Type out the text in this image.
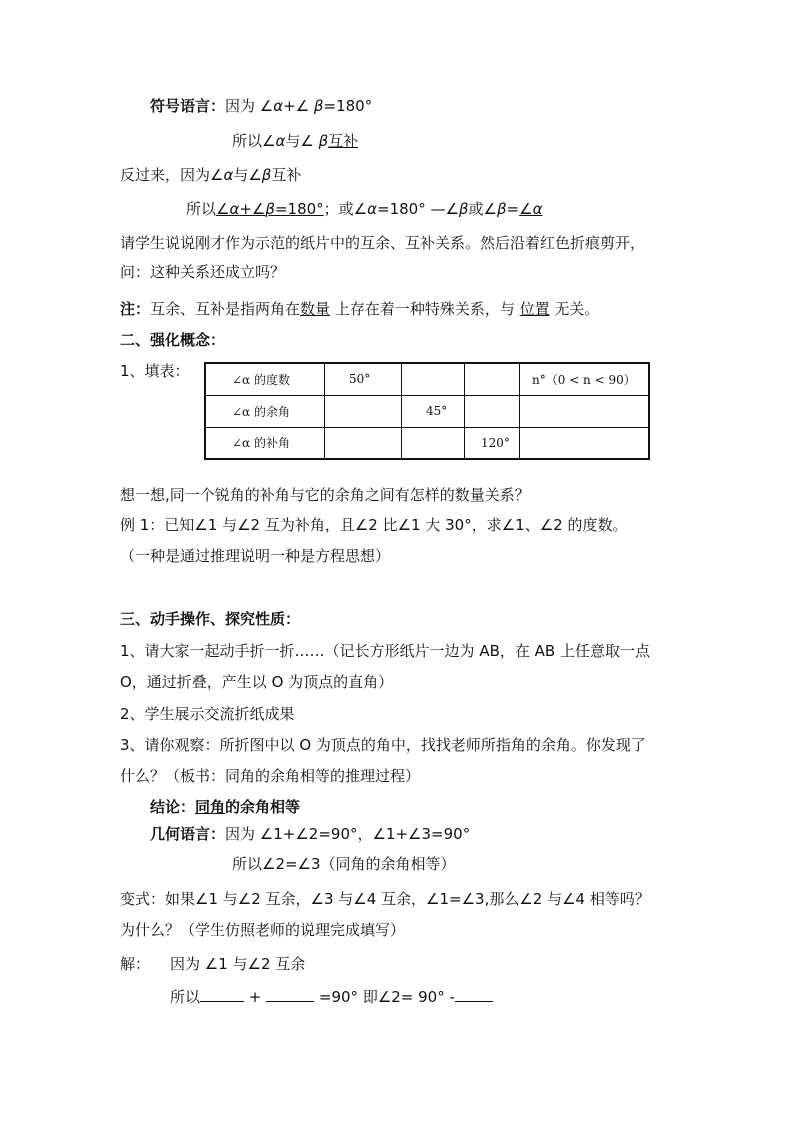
符号语言：因为 ∠α+∠ β=180°
所以∠α与∠ β互补
反过来，因为∠α与∠β互补
所以∠α+∠β=180°；或∠α=180° —∠β或∠β=∠α
请学生说说刚才作为示范的纸片中的互余、互补关系。然后沿着红色折痕剪开，
问：这种关系还成立吗？
注：互余、互补是指两角在数量 上存在着一种特殊关系，与 位置 无关。
二、强化概念：
1、填表：	∠α 的度数	50°			n°（0 < n < 90）
∠α 的余角		45°		
∠α 的补角			120°	
想一想,同一个锐角的补角与它的余角之间有怎样的数量关系？
例 1：已知∠1 与∠2 互为补角，且∠2 比∠1 大 30°，求∠1、∠2 的度数。
（一种是通过推理说明一种是方程思想）
三、动手操作、探究性质：
1、请大家一起动手折一折……（记长方形纸片一边为 AB，在 AB 上任意取一点
O，通过折叠，产生以 O 为顶点的直角）
2、学生展示交流折纸成果
3、请你观察：所折图中以 O 为顶点的角中，找找老师所指角的余角。你发现了
什么？（板书：同角的余角相等的推理过程）
结论：同角的余角相等
几何语言：因为 ∠1+∠2=90°，∠1+∠3=90°
所以∠2=∠3（同角的余角相等）
变式：如果∠1 与∠2 互余，∠3 与∠4 互余，∠1=∠3,那么∠2 与∠4 相等吗？
为什么？（学生仿照老师的说理完成填写）
解： 因为 ∠1 与∠2 互余
所以	+	=90° 即∠2= 90° -
